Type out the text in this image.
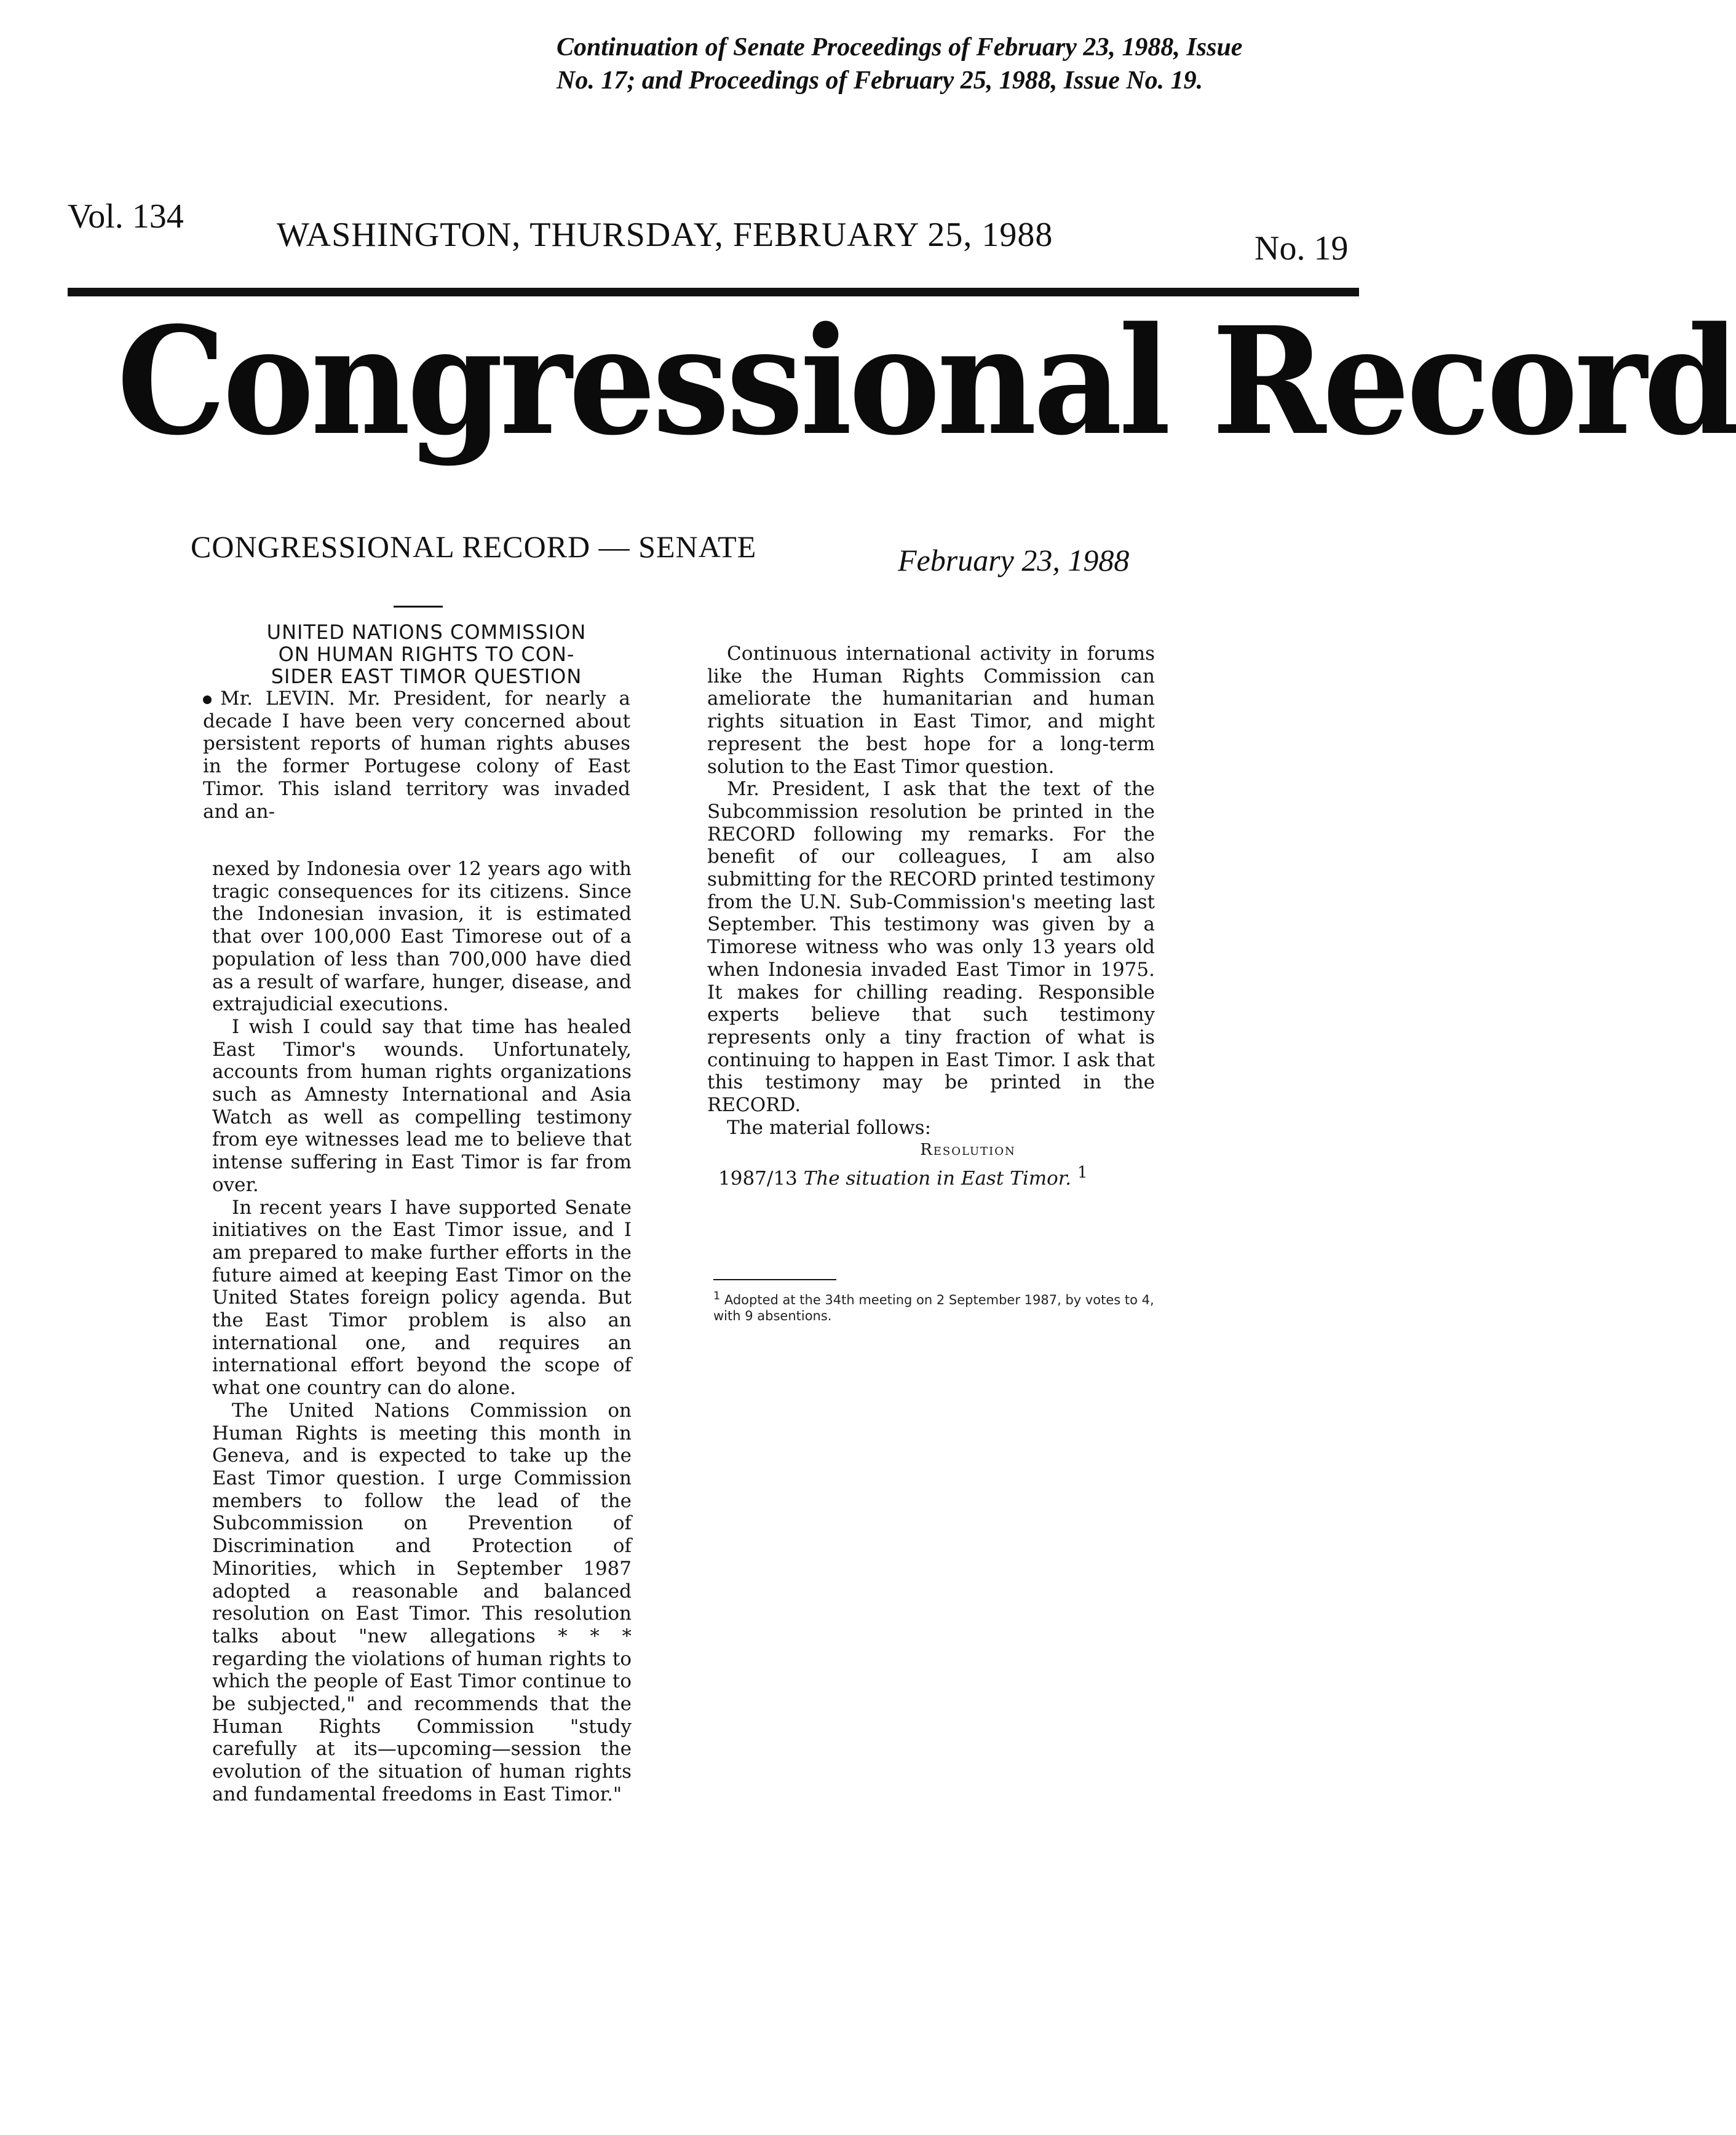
Continuation of Senate Proceedings of February 23, 1988, Issue
No. 17; and Proceedings of February 25, 1988, Issue No. 19.
Vol. 134	WASHINGTON, THURSDAY, FEBRUARY 25, 1988	No. 19
Congressional Record
CONGRESSIONAL RECORD — SENATE	February 23, 1988

UNITED NATIONS COMMISSION

ON HUMAN RIGHTS TO CON-

SIDER EAST TIMOR QUESTION

Mr. LEVIN. Mr. President, for nearly a decade I have been very concerned about persistent reports of human rights abuses in the former Portugese colony of East Timor. This island territory was invaded and an-

nexed by Indonesia over 12 years ago with tragic consequences for its citizens. Since the Indonesian invasion, it is estimated that over 100,000 East Timorese out of a population of less than 700,000 have died as a result of warfare, hunger, disease, and extrajudicial executions.

I wish I could say that time has healed East Timor's wounds. Unfortunately, accounts from human rights organizations such as Amnesty International and Asia Watch as well as compelling testimony from eye witnesses lead me to believe that intense suffering in East Timor is far from over.

In recent years I have supported Senate initiatives on the East Timor issue, and I am prepared to make further efforts in the future aimed at keeping East Timor on the United States foreign policy agenda. But the East Timor problem is also an international one, and requires an international effort beyond the scope of what one country can do alone.

The United Nations Commission on Human Rights is meeting this month in Geneva, and is expected to take up the East Timor question. I urge Commission members to follow the lead of the Subcommission on Prevention of Discrimination and Protection of Minorities, which in September 1987 adopted a reasonable and balanced resolution on East Timor. This resolution talks about "new allegations * * * regarding the violations of human rights to which the people of East Timor continue to be subjected," and recommends that the Human Rights Commission "study carefully at its—upcoming—session the evolution of the situation of human rights and fundamental freedoms in East Timor."

Continuous international activity in forums like the Human Rights Commission can ameliorate the humanitarian and human rights situation in East Timor, and might represent the best hope for a long-term solution to the East Timor question.

Mr. President, I ask that the text of the Subcommission resolution be printed in the RECORD following my remarks. For the benefit of our colleagues, I am also submitting for the RECORD printed testimony from the U.N. Sub-Commission's meeting last September. This testimony was given by a Timorese witness who was only 13 years old when Indonesia invaded East Timor in 1975. It makes for chilling reading. Responsible experts believe that such testimony represents only a tiny fraction of what is continuing to happen in East Timor. I ask that this testimony may be printed in the RECORD.

The material follows:

Resolution

1987/13 The situation in East Timor. $^1$

$^1$ Adopted at the 34th meeting on 2 September 1987, by votes to 4, with 9 absentions.
